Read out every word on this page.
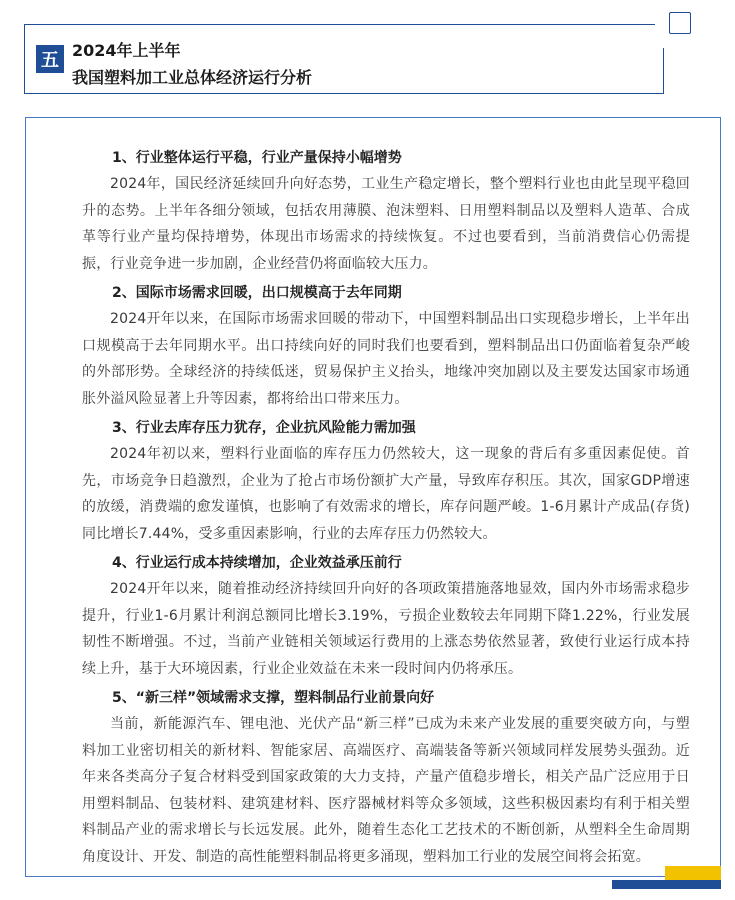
五 2024年上半年
我国塑料加工业总体经济运行分析

1、行业整体运行平稳，行业产量保持小幅增势

2024年，国民经济延续回升向好态势，工业生产稳定增长，整个塑料行业也由此呈现平稳回升的态势。上半年各细分领域，包括农用薄膜、泡沫塑料、日用塑料制品以及塑料人造革、合成革等行业产量均保持增势，体现出市场需求的持续恢复。不过也要看到，当前消费信心仍需提振，行业竞争进一步加剧，企业经营仍将面临较大压力。

2、国际市场需求回暖，出口规模高于去年同期

2024开年以来，在国际市场需求回暖的带动下，中国塑料制品出口实现稳步增长，上半年出口规模高于去年同期水平。出口持续向好的同时我们也要看到，塑料制品出口仍面临着复杂严峻的外部形势。全球经济的持续低迷，贸易保护主义抬头，地缘冲突加剧以及主要发达国家市场通胀外溢风险显著上升等因素，都将给出口带来压力。

3、行业去库存压力犹存，企业抗风险能力需加强

2024年初以来，塑料行业面临的库存压力仍然较大，这一现象的背后有多重因素促使。首先，市场竞争日趋激烈，企业为了抢占市场份额扩大产量，导致库存积压。其次，国家GDP增速的放缓，消费端的愈发谨慎，也影响了有效需求的增长，库存问题严峻。1-6月累计产成品(存货)同比增长7.44%，受多重因素影响，行业的去库存压力仍然较大。

4、行业运行成本持续增加，企业效益承压前行

2024开年以来，随着推动经济持续回升向好的各项政策措施落地显效，国内外市场需求稳步提升，行业1-6月累计利润总额同比增长3.19%，亏损企业数较去年同期下降1.22%，行业发展韧性不断增强。不过，当前产业链相关领域运行费用的上涨态势依然显著，致使行业运行成本持续上升，基于大环境因素，行业企业效益在未来一段时间内仍将承压。

5、“新三样”领域需求支撑，塑料制品行业前景向好

当前，新能源汽车、锂电池、光伏产品“新三样”已成为未来产业发展的重要突破方向，与塑料加工业密切相关的新材料、智能家居、高端医疗、高端装备等新兴领域同样发展势头强劲。近年来各类高分子复合材料受到国家政策的大力支持，产量产值稳步增长，相关产品广泛应用于日用塑料制品、包装材料、建筑建材料、医疗器械材料等众多领域，这些积极因素均有利于相关塑料制品产业的需求增长与长远发展。此外，随着生态化工艺技术的不断创新，从塑料全生命周期角度设计、开发、制造的高性能塑料制品将更多涌现，塑料加工行业的发展空间将会拓宽。
